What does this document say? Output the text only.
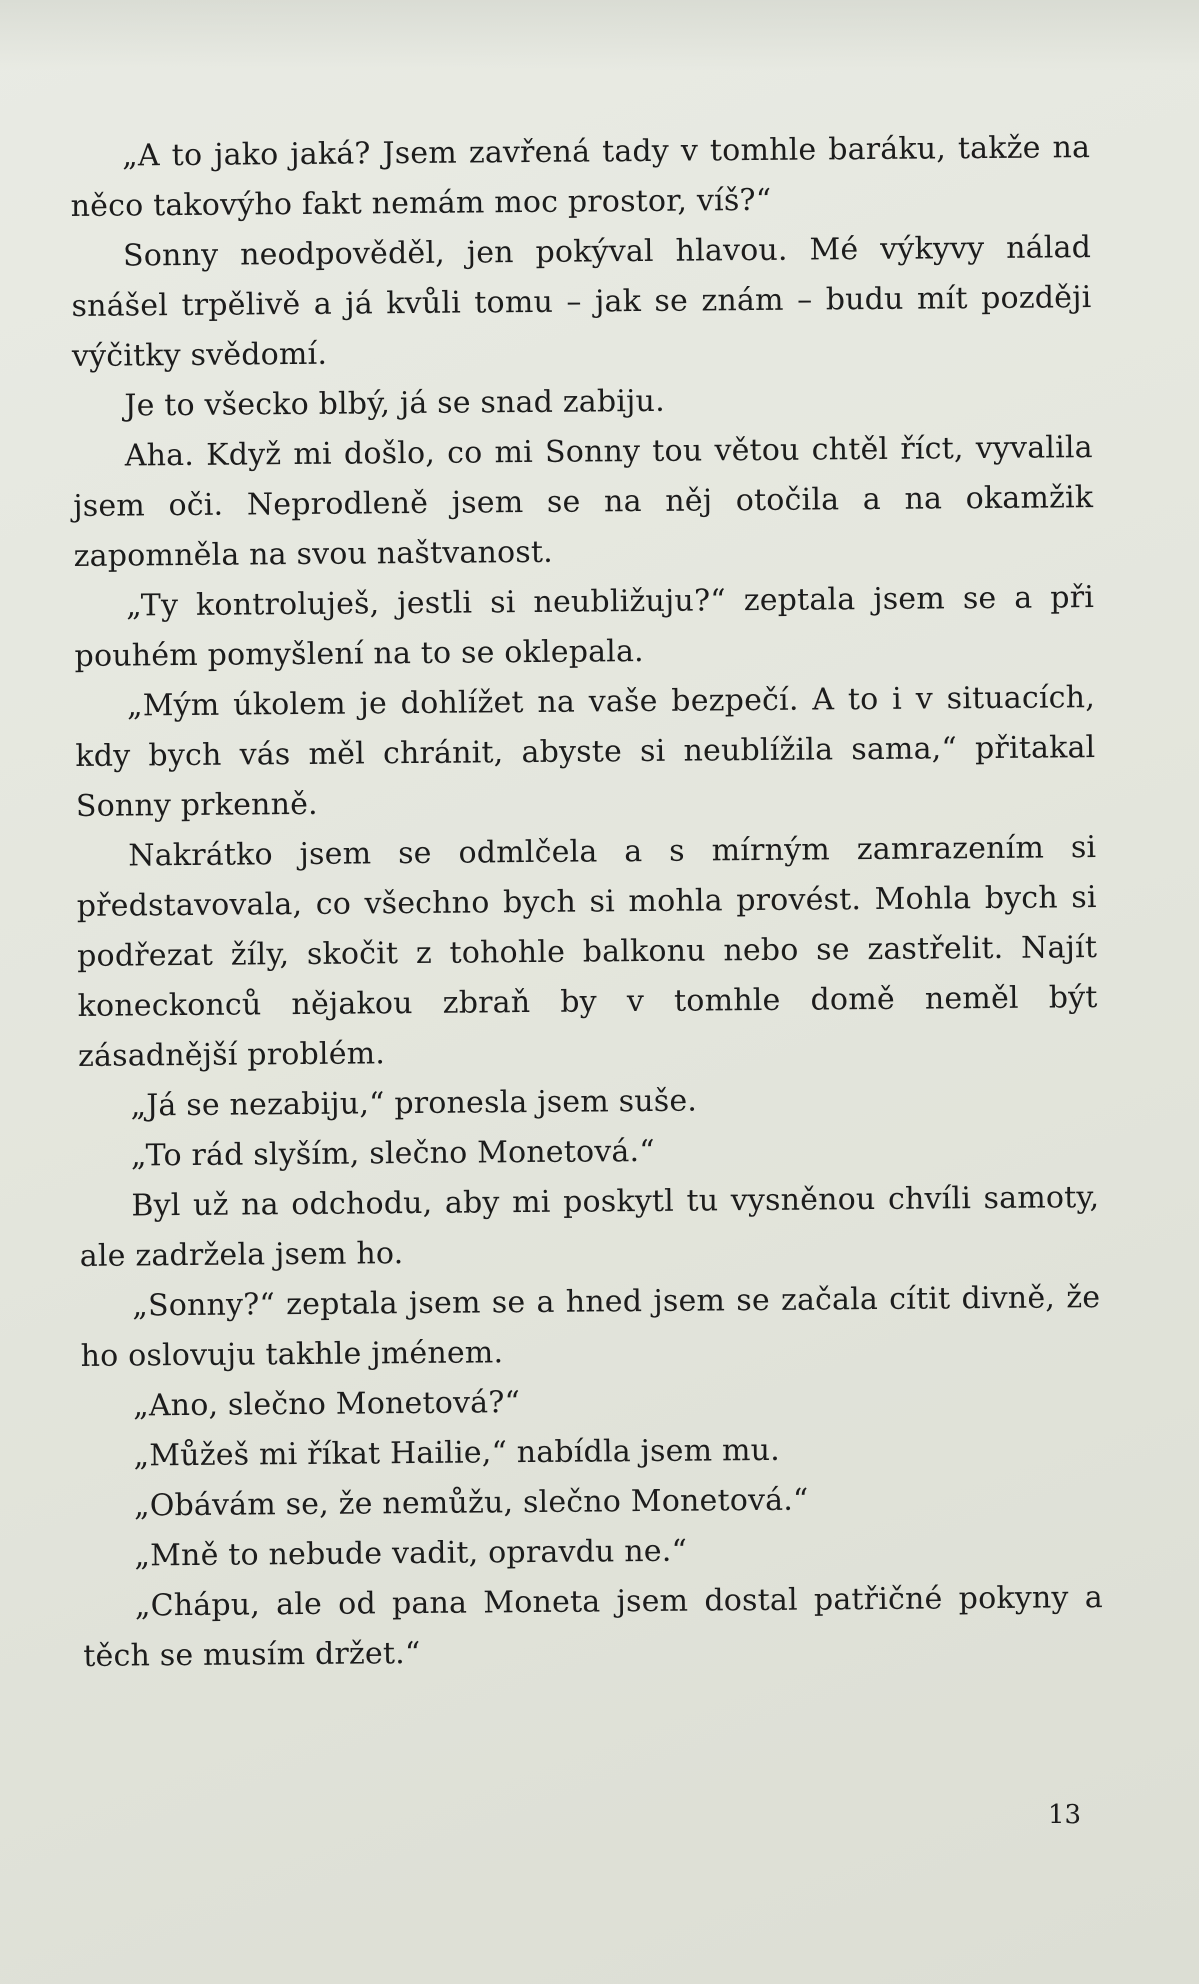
„A to jako jaká? Jsem zavřená tady v tomhle baráku, takže na něco takovýho fakt nemám moc prostor, víš?“

Sonny neodpověděl, jen pokýval hlavou. Mé výkyvy nálad snášel trpělivě a já kvůli tomu – jak se znám – budu mít později výčitky svědomí.

Je to všecko blbý, já se snad zabiju.

Aha. Když mi došlo, co mi Sonny tou větou chtěl říct, vyvalila jsem oči. Neprodleně jsem se na něj otočila a na okamžik zapomněla na svou naštvanost.

„Ty kontroluješ, jestli si neubližuju?“ zeptala jsem se a při pouhém pomyšlení na to se oklepala.

„Mým úkolem je dohlížet na vaše bezpečí. A to i v situacích, kdy bych vás měl chránit, abyste si neublížila sama,“ přitakal Sonny prkenně.

Nakrátko jsem se odmlčela a s mírným zamrazením si představovala, co všechno bych si mohla provést. Mohla bych si podřezat žíly, skočit z tohohle balkonu nebo se zastřelit. Najít koneckonců nějakou zbraň by v tomhle domě neměl být zásadnější problém.

„Já se nezabiju,“ pronesla jsem suše.

„To rád slyším, slečno Monetová.“

Byl už na odchodu, aby mi poskytl tu vysněnou chvíli samoty, ale zadržela jsem ho.

„Sonny?“ zeptala jsem se a hned jsem se začala cítit divně, že ho oslovuju takhle jménem.

„Ano, slečno Monetová?“

„Můžeš mi říkat Hailie,“ nabídla jsem mu.

„Obávám se, že nemůžu, slečno Monetová.“

„Mně to nebude vadit, opravdu ne.“

„Chápu, ale od pana Moneta jsem dostal patřičné pokyny a těch se musím držet.“

13
